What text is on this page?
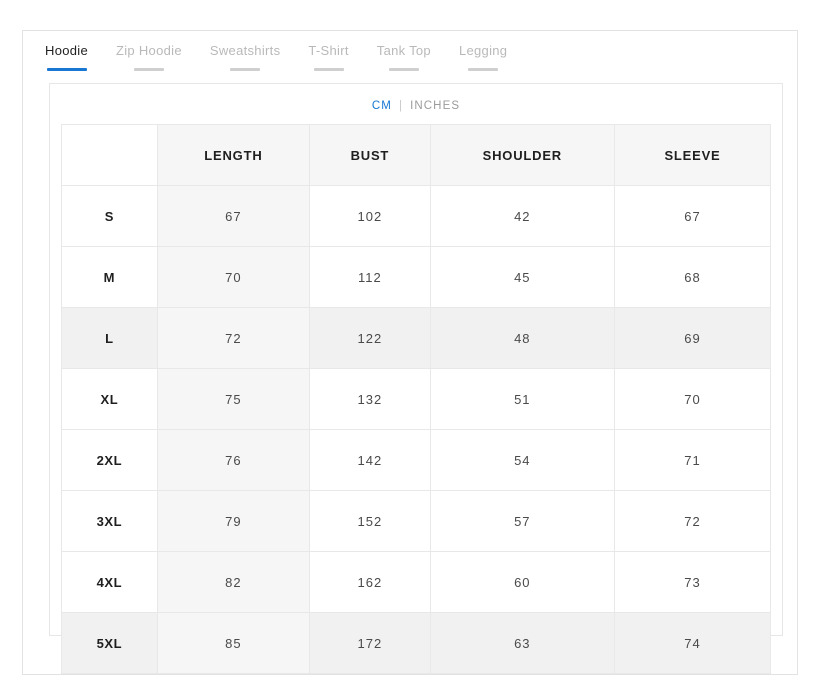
Hoodie Zip Hoodie Sweatshirts T-Shirt Tank Top Legging
CM | INCHES
	LENGTH	BUST	SHOULDER	SLEEVE
S	67	102	42	67
M	70	112	45	68
L	72	122	48	69
XL	75	132	51	70
2XL	76	142	54	71
3XL	79	152	57	72
4XL	82	162	60	73
5XL	85	172	63	74
